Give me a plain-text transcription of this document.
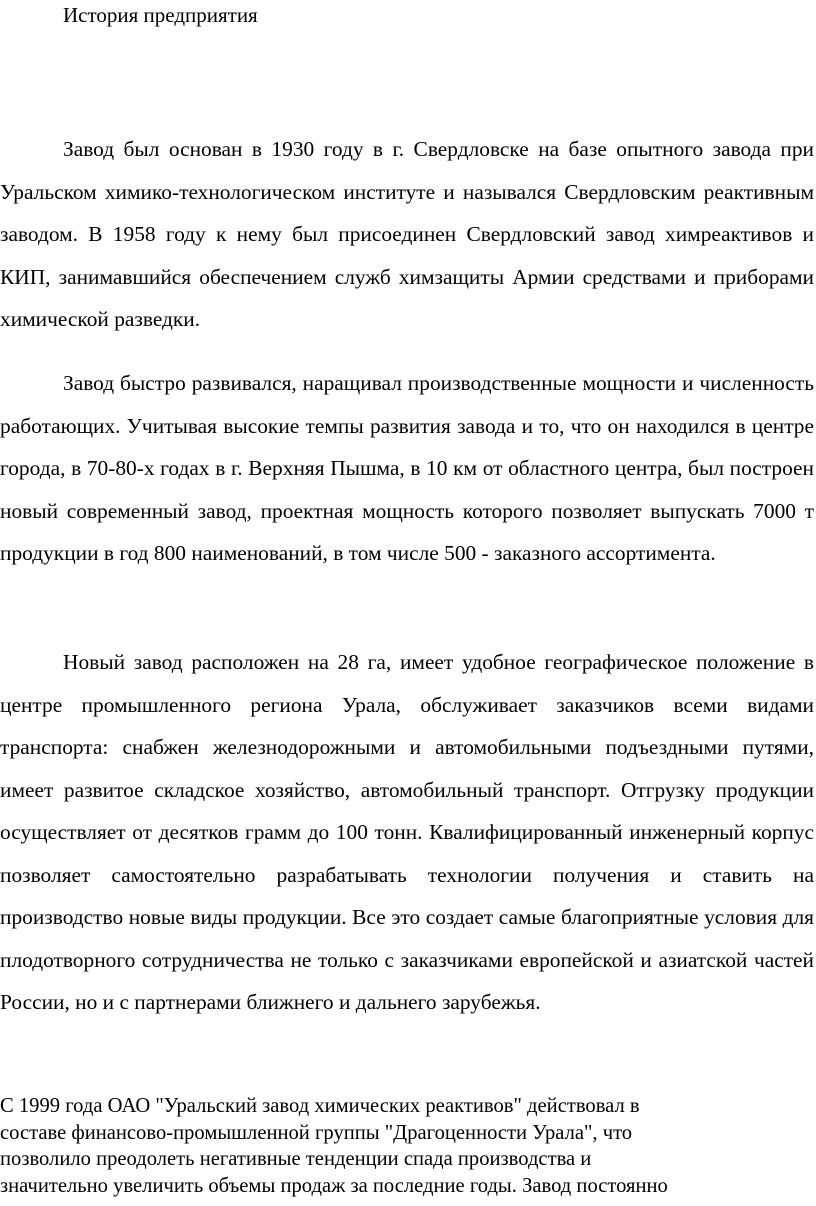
История предприятия

Завод был основан в 1930 году в г. Свердловске на базе опытного завода при Уральском химико-технологическом институте и назывался Свердловским реактивным заводом. В 1958 году к нему был присоединен Свердловский завод химреактивов и КИП, занимавшийся обеспечением служб химзащиты Армии средствами и приборами химической разведки.

Завод быстро развивался, наращивал производственные мощности и численность работающих. Учитывая высокие темпы развития завода и то, что он находился в центре города, в 70-80-х годах в г. Верхняя Пышма, в 10 км от областного центра, был построен новый современный завод, проектная мощность которого позволяет выпускать 7000 т продукции в год 800 наименований, в том числе 500 - заказного ассортимента.

Новый завод расположен на 28 га, имеет удобное географическое положение в центре промышленного региона Урала, обслуживает заказчиков всеми видами транспорта: снабжен железнодорожными и автомобильными подъездными путями, имеет развитое складское хозяйство, автомобильный транспорт. Отгрузку продукции осуществляет от десятков грамм до 100 тонн. Квалифицированный инженерный корпус позволяет самостоятельно разрабатывать технологии получения и ставить на производство новые виды продукции. Все это создает самые благоприятные условия для плодотворного сотрудничества не только с заказчиками европейской и азиатской частей России, но и с партнерами ближнего и дальнего зарубежья.

С 1999 года ОАО "Уральский завод химических реактивов" действовал в
составе финансово-промышленной группы "Драгоценности Урала", что
позволило преодолеть негативные тенденции спада производства и
значительно увеличить объемы продаж за последние годы. Завод постоянно
